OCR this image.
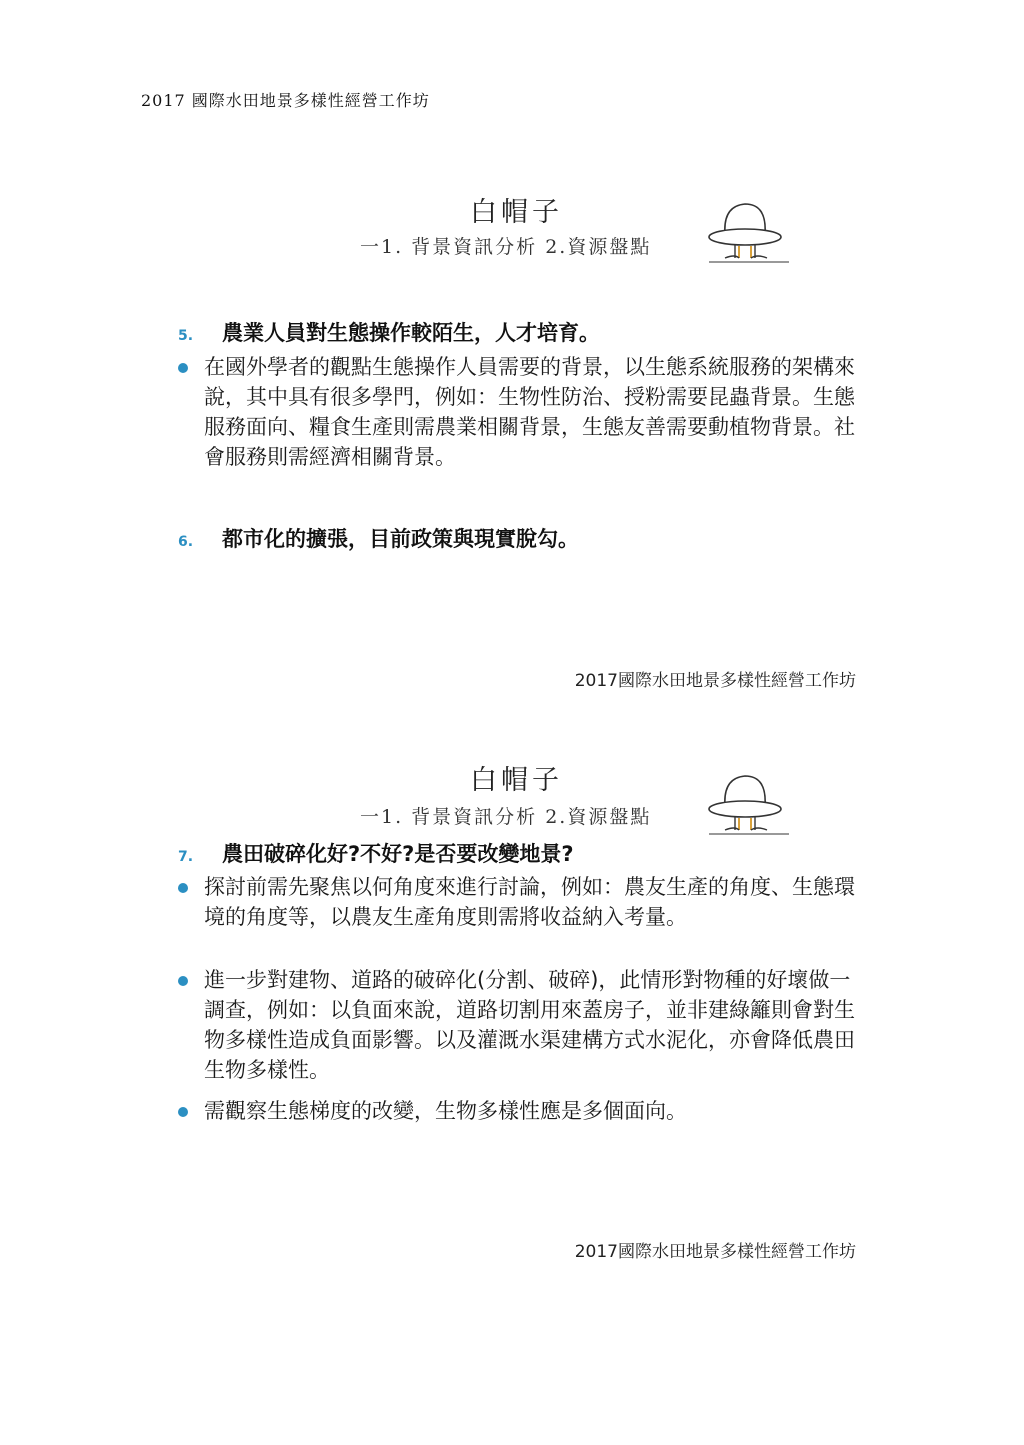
2017 國際水田地景多樣性經營工作坊
白帽子
一1. 背景資訊分析 2.資源盤點
5. 農業人員對生態操作較陌生，人才培育。
在國外學者的觀點生態操作人員需要的背景，以生態系統服務的架構來說，其中具有很多學門，例如：生物性防治、授粉需要昆蟲背景。生態服務面向、糧食生產則需農業相關背景，生態友善需要動植物背景。社會服務則需經濟相關背景。
6. 都市化的擴張，目前政策與現實脫勾。
2017國際水田地景多樣性經營工作坊
白帽子
一1. 背景資訊分析 2.資源盤點
7. 農田破碎化好?不好?是否要改變地景?
探討前需先聚焦以何角度來進行討論，例如：農友生產的角度、生態環境的角度等，以農友生產角度則需將收益納入考量。
進一步對建物、道路的破碎化(分割、破碎)，此情形對物種的好壞做一調查，例如：以負面來說，道路切割用來蓋房子，並非建綠籬則會對生物多樣性造成負面影響。以及灌溉水渠建構方式水泥化，亦會降低農田生物多樣性。
需觀察生態梯度的改變，生物多樣性應是多個面向。
2017國際水田地景多樣性經營工作坊
